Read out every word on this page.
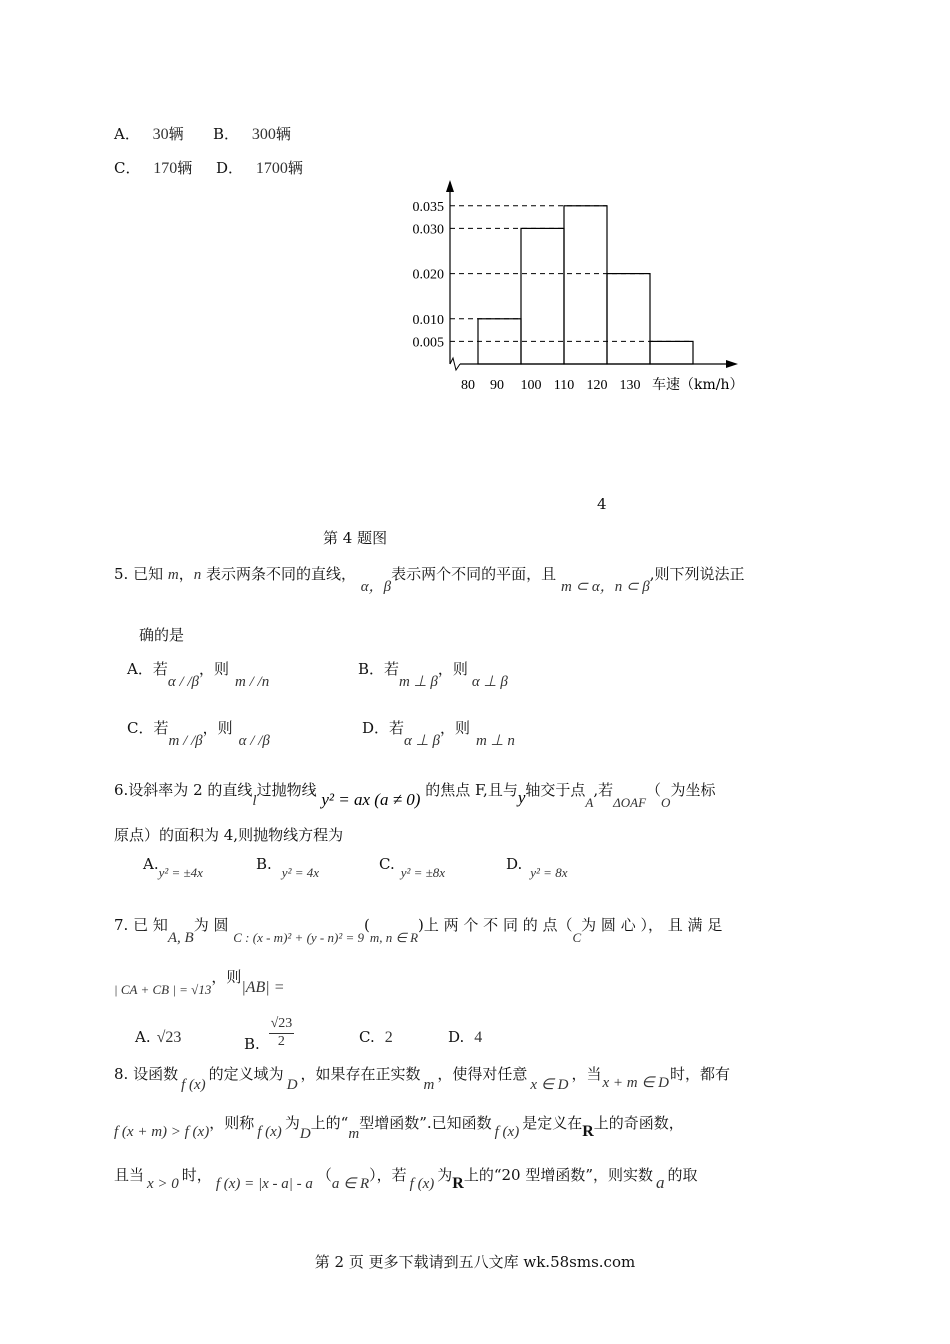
A． 30辆 B． 300辆
C． 170辆 D． 1700辆
0.035
0.030
0.020
0.010
0.005
80 90 100 110 120 130 车速（km/h）
4
第 4 题图
5. 已知 m，n 表示两条不同的直线， α，β表示两个不同的平面，且 m ⊂ α，n ⊂ β,则下列说法正
确的是
A．若α / /β，则m / /n
B．若m ⊥ β，则α ⊥ β
C．若m / /β，则α / /β
D．若α ⊥ β，则m ⊥ n
6.设斜率为 2 的直线l过抛物线 y² = ax (a ≠ 0) 的焦点 F,且与y轴交于点A,若ΔOAF（O为坐标
原点）的面积为 4,则抛物线方程为
A.y² = ±4x	B. y² = 4x	C. y² = ±8x	D. y² = 8x
7. 已 知A, B为 圆 C : (x - m)² + (y - n)² = 9(m, n ∈ R)上 两 个 不 同 的 点（C为 圆 心 ）， 且 满 足
| CA + CB | = √13，则|AB| =
A. √23	B. $\frac{√23}{2}$	C. 2	D. 4
8. 设函数f (x)的定义域为D，如果存在正实数m，使得对任意x ∈ D，当x + m ∈ D时，都有
f (x + m) > f (x)，则称 f (x) 为D上的“m型增函数”.已知函数 f (x) 是定义在R上的奇函数，
且当 x > 0 时， f (x) = |x - a| - a （a ∈ R），若 f (x) 为R上的“20 型增函数”，则实数 a 的取
第 2 页 更多下载请到五八文库 wk.58sms.com
